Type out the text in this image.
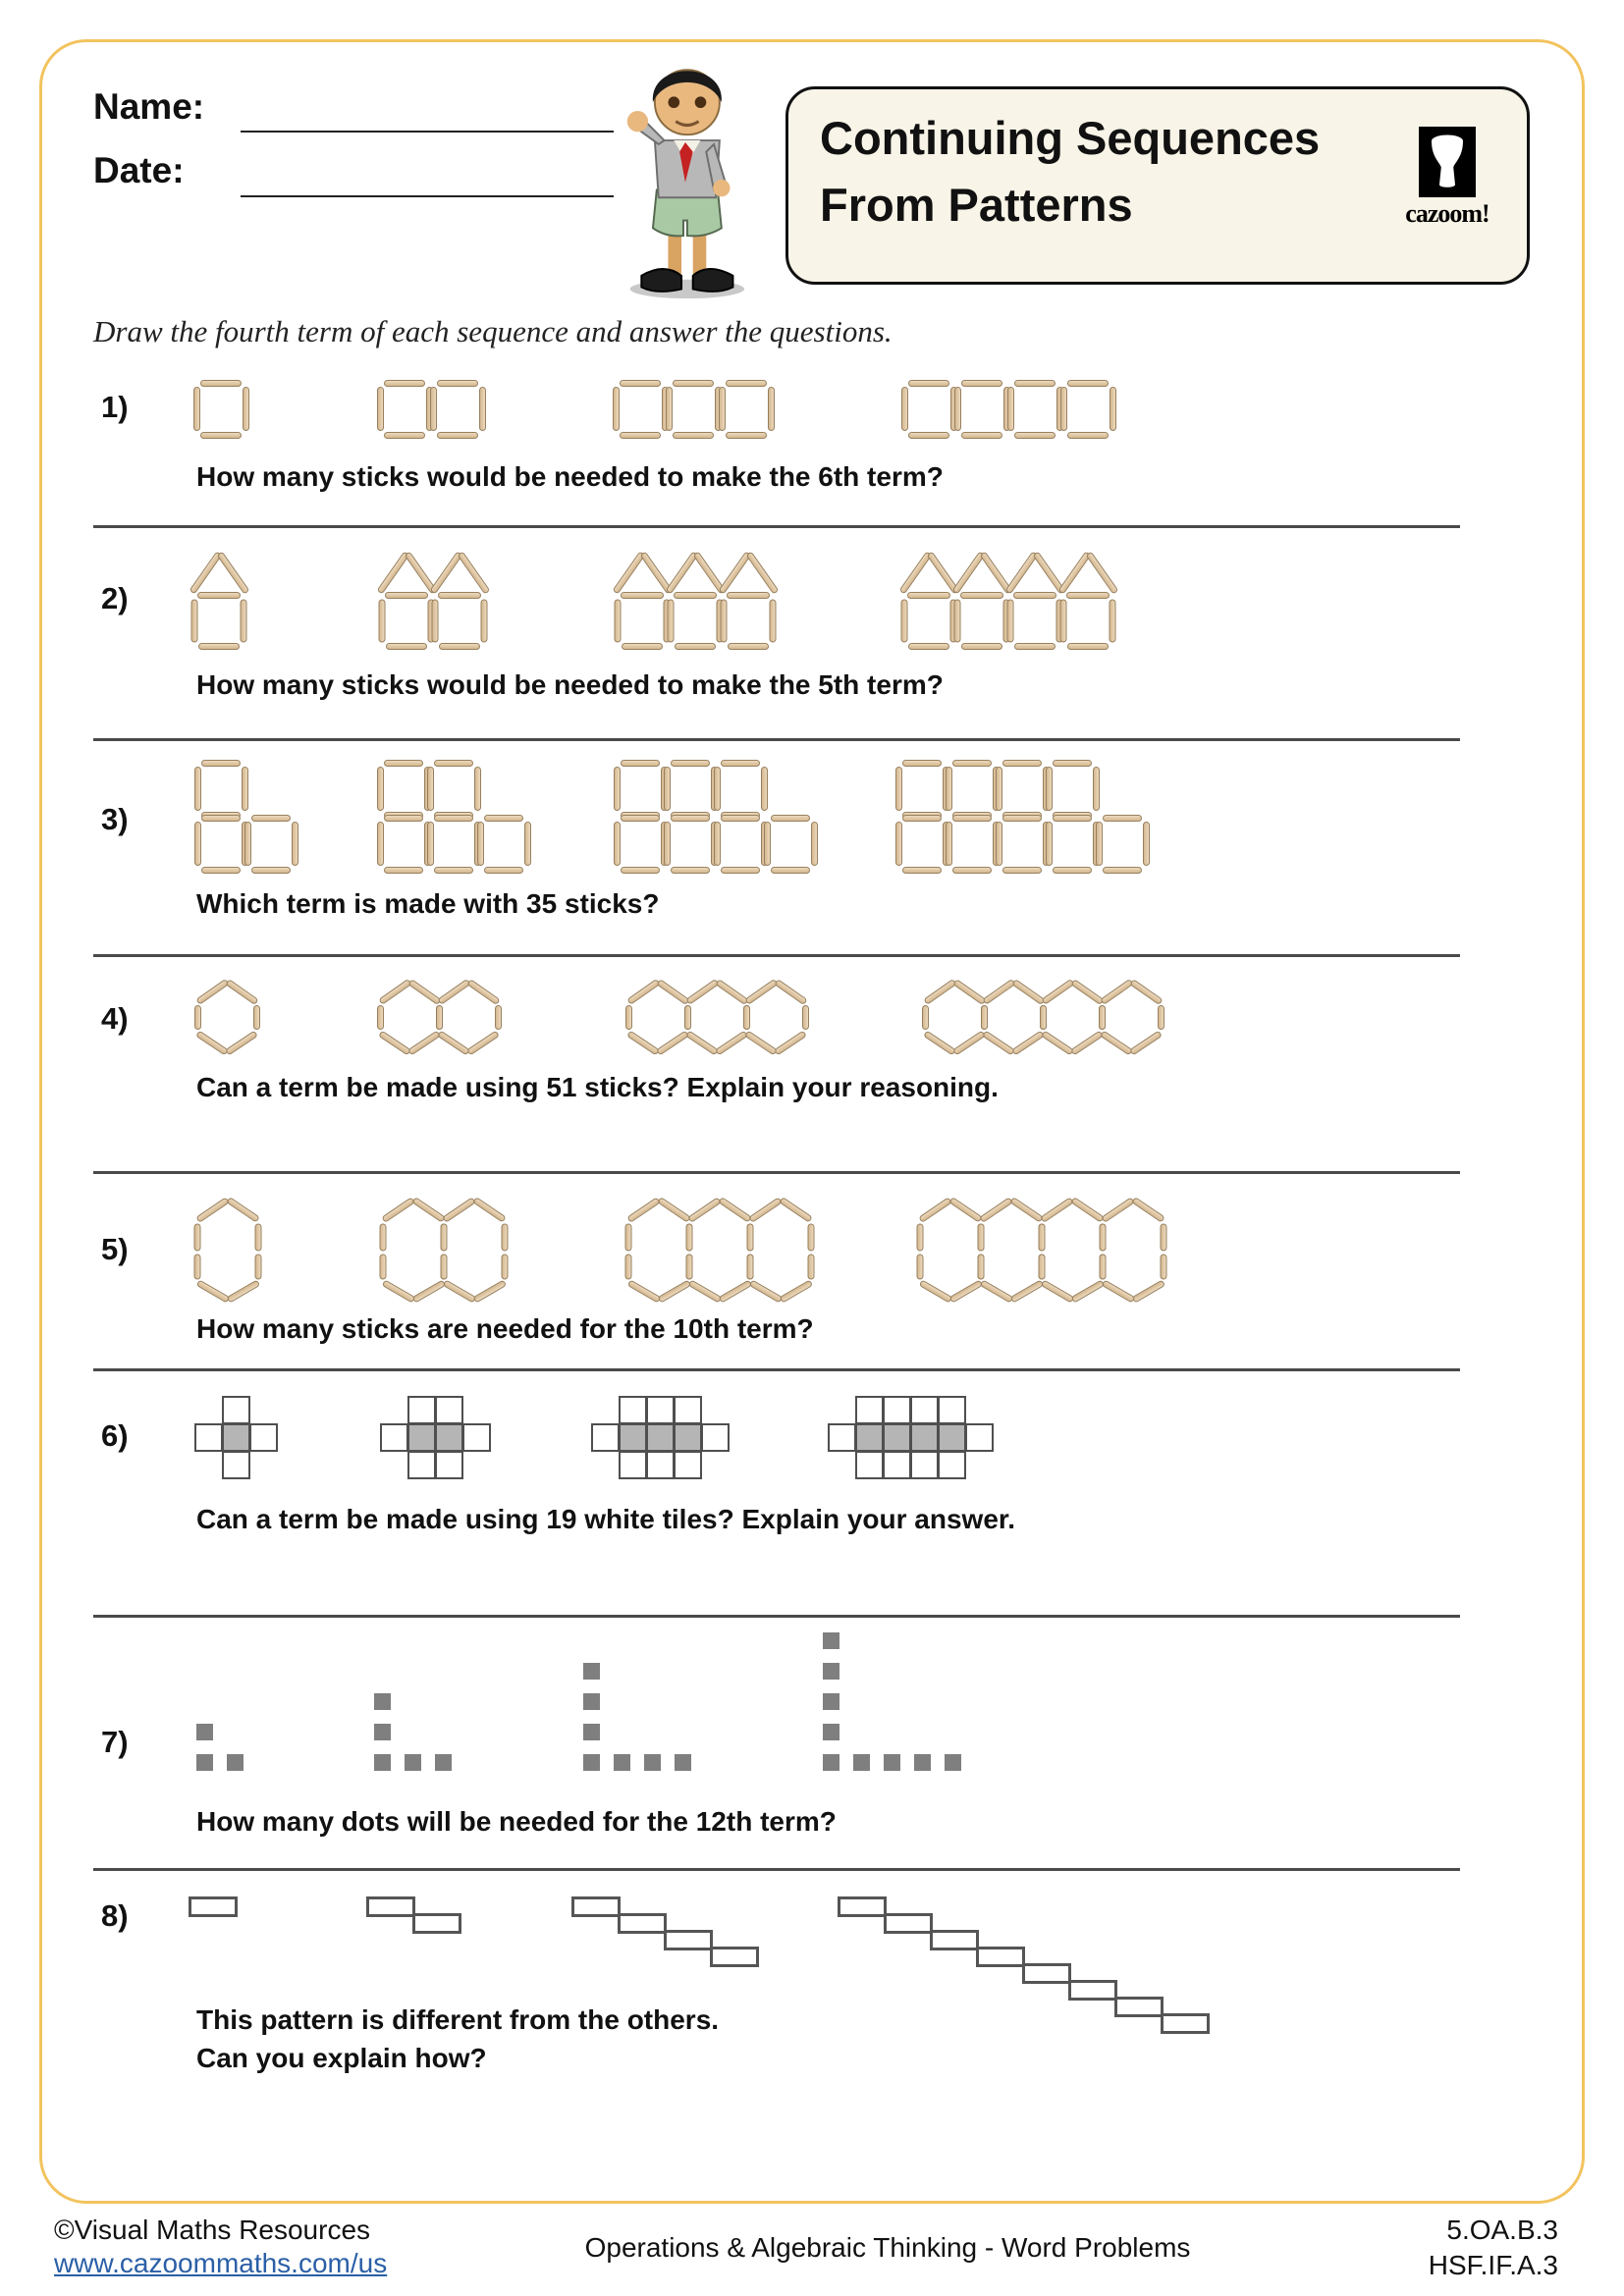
Name:
Date:
Continuing Sequences
From Patterns	cazoom!
Draw the fourth term of each sequence and answer the questions.
1)
How many sticks would be needed to make the 6th term?
2)
How many sticks would be needed to make the 5th term?
3)
Which term is made with 35 sticks?
4)
Can a term be made using 51 sticks? Explain your reasoning.
5)
How many sticks are needed for the 10th term?
6)
Can a term be made using 19 white tiles? Explain your answer.
7)
How many dots will be needed for the 12th term?
8)
This pattern is different from the others.
Can you explain how?
©Visual Maths Resources
www.cazoommaths.com/us
Operations & Algebraic Thinking - Word Problems
5.OA.B.3
HSF.IF.A.3
